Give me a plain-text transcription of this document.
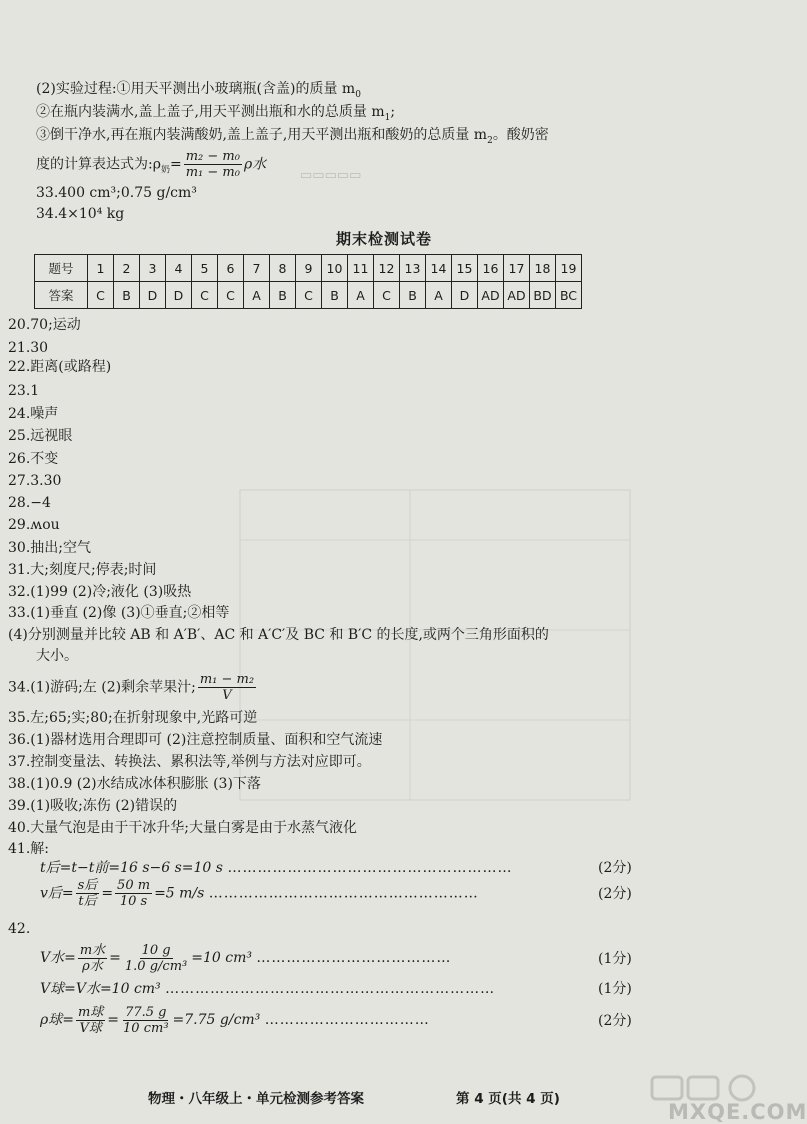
▭▭▭▭▭
(2)实验过程:①用天平测出小玻璃瓶(含盖)的质量 $m_0$
②在瓶内装满水,盖上盖子,用天平测出瓶和水的总质量 $m_1$;
③倒干净水,再在瓶内装满酸奶,盖上盖子,用天平测出瓶和酸奶的总质量 $m_2$。酸奶密
度的计算表达式为$:\rho_奶= \frac{\text{m₂ − m₀}}{\text{m₁ − m₀}}$ ρ水
33.400 cm³;0.75 g/cm³
34.4×10⁴ kg
期末检测试卷
题号	1	2	3	4	5	6	7	8	9	10	11	12	13	14	15	16	17	18	19
答案	C	B	D	D	C	C	A	B	C	B	A	C	B	A	D	AD	AD	BD	BC
20.70;运动
21.30
22.距离(或路程)
23.1
24.噪声
25.远视眼
26.不变
27.3.30
28.−4
29.ʍou
30.抽出;空气
31.大;刻度尺;停表;时间
32.(1)99 (2)冷;液化 (3)吸热
33.(1)垂直 (2)像 (3)①垂直;②相等
(4)分别测量并比较 AB 和 A′B′、AC 和 A′C′及 BC 和 B′C 的长度,或两个三角形面积的
大小。
34.(1)游码;左 (2)剩余苹果汁; $\frac{\text{m₁ − m₂}}{V}$
35.左;65;实;80;在折射现象中,光路可逆
36.(1)器材选用合理即可 (2)注意控制质量、面积和空气流速
37.控制变量法、转换法、累积法等,举例与方法对应即可。
38.(1)0.9 (2)水结成冰体积膨胀 (3)下落
39.(1)吸收;冻伤 (2)错误的
40.大量气泡是由于干冰升华;大量白雾是由于水蒸气液化
41.解:
t后=t−t前=16 s−6 s=10 s …………………………………………………	(2分)
v后= $\frac{\text{s后}}{\text{t后}} = \frac{50 m}{10 s} =5$ m/s ………………………………………………	(2分)
42.
V水= $\frac{\text{m水}}{\text{ρ水}} = \frac{10 g}{\text{1.0 g/cm³}} =10$ cm³ …………………………………	(1分)
V球=V水=10 cm³ …………………………………………………………	(1分)
ρ球= $\frac{\text{m球}}{\text{V球}} = \frac{77.5 g}{\text{10 cm³}} =7.75$ g/cm³ ……………………………	(2分)
物理・八年级上・单元检测参考答案	第 4 页(共 4 页)
MXQE.COM
